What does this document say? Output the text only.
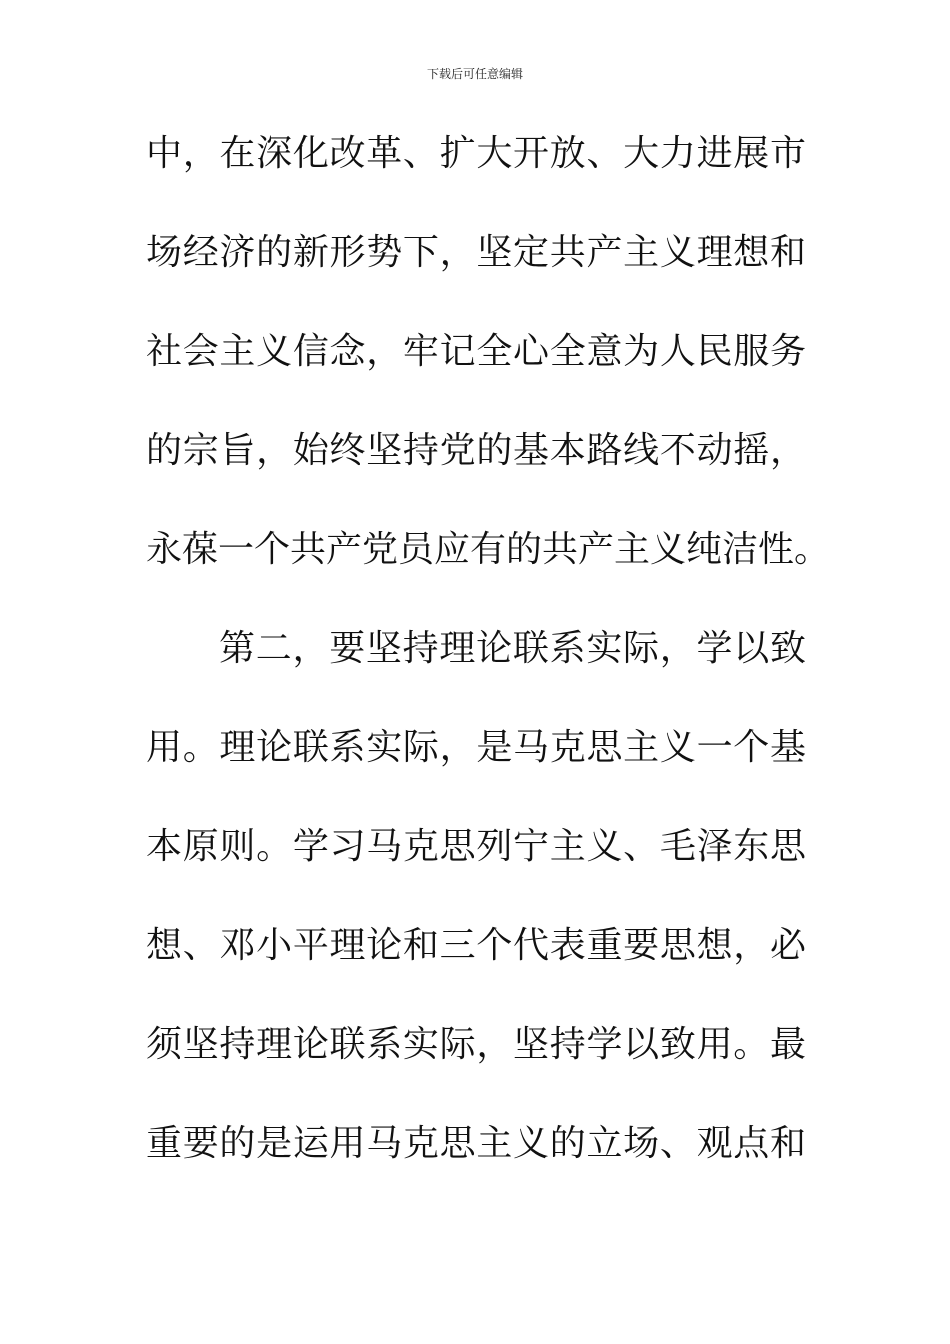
下载后可任意编辑
中，在深化改革、扩大开放、大力进展市
场经济的新形势下，坚定共产主义理想和
社会主义信念，牢记全心全意为人民服务
的宗旨，始终坚持党的基本路线不动摇，
永葆一个共产党员应有的共产主义纯洁性。
第二，要坚持理论联系实际，学以致
用。理论联系实际，是马克思主义一个基
本原则。学习马克思列宁主义、毛泽东思
想、邓小平理论和三个代表重要思想，必
须坚持理论联系实际，坚持学以致用。最
重要的是运用马克思主义的立场、观点和
